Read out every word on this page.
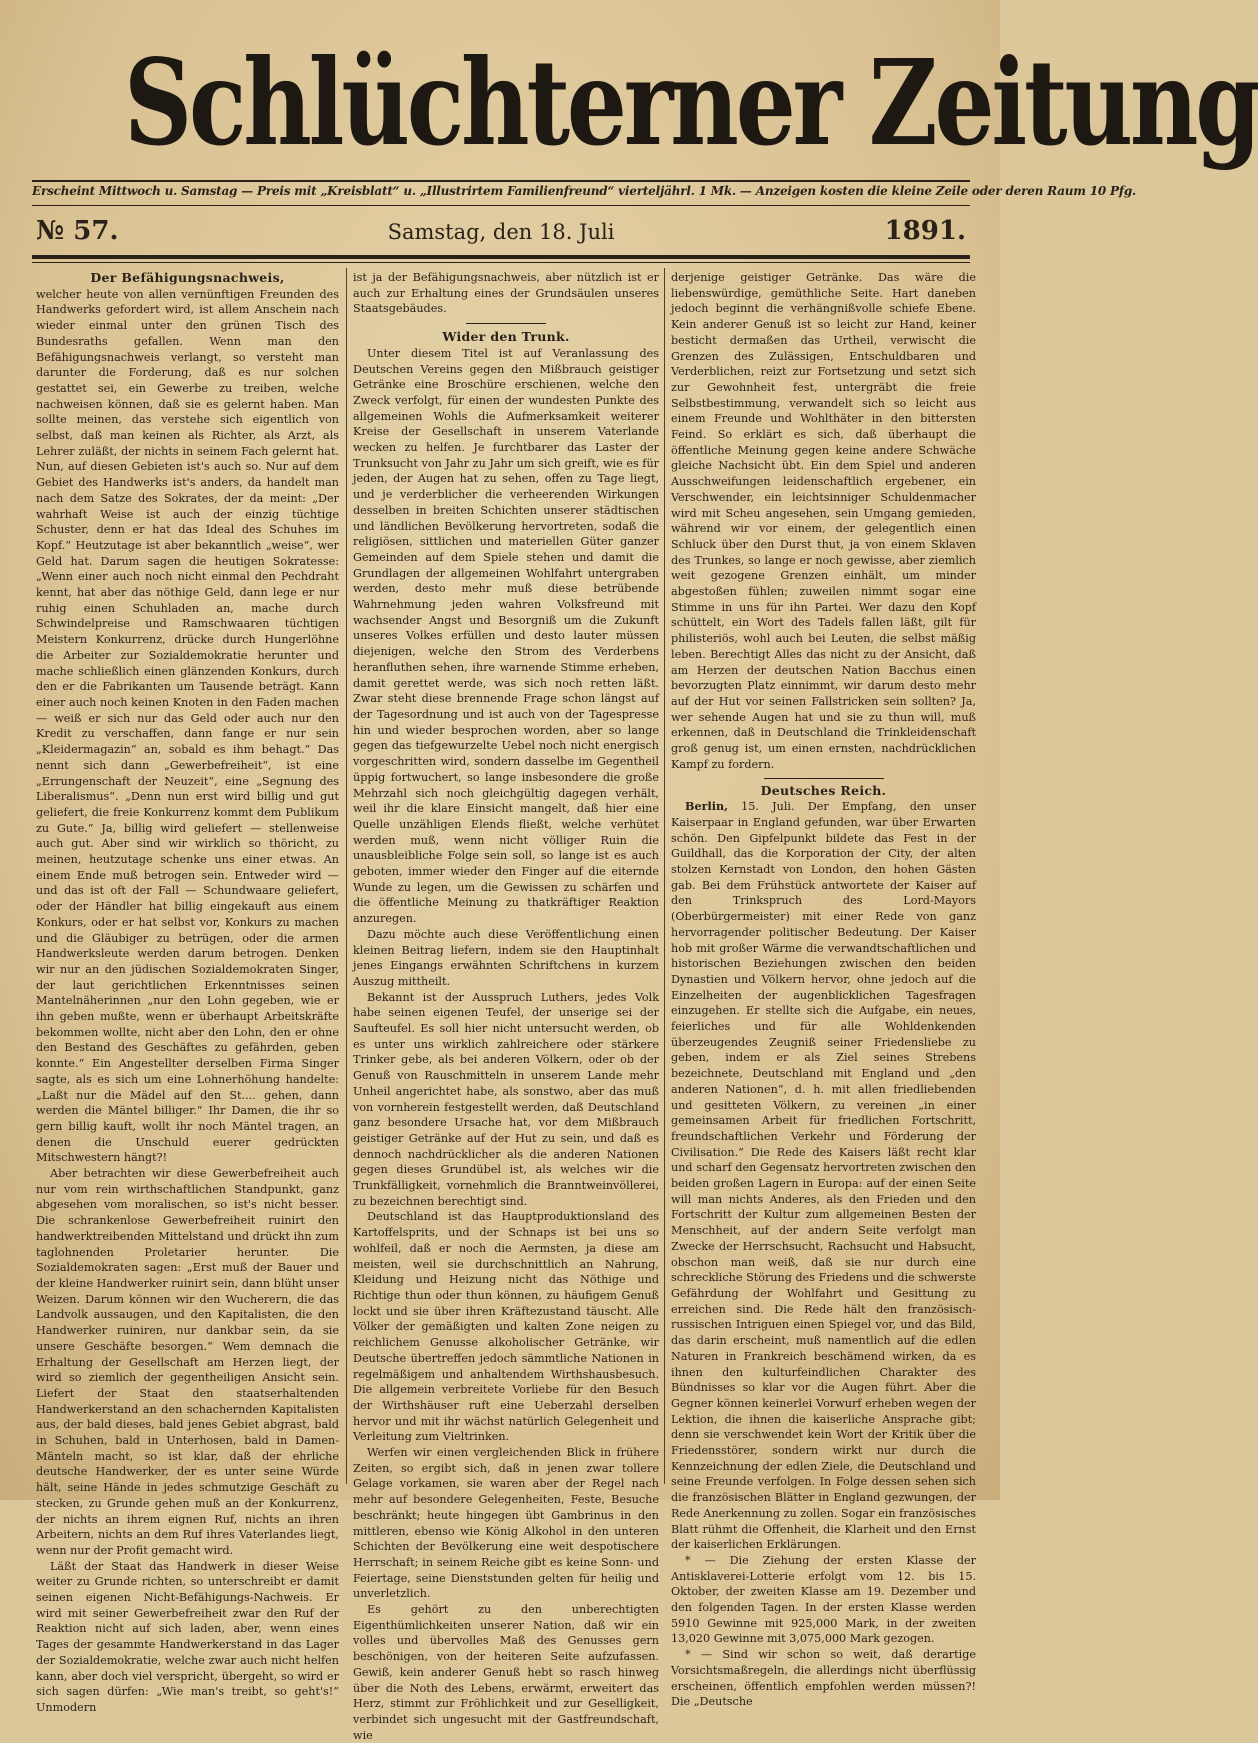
Schlüchterner Zeitung
Erscheint Mittwoch u. Samstag — Preis mit „Kreisblatt“ u. „Illustrirtem Familienfreund“ vierteljährl. 1 Mk. — Anzeigen kosten die kleine Zeile oder deren Raum 10 Pfg.
№ 57.	Samstag, den 18. Juli	1891.
Der Befähigungsnachweis,

welcher heute von allen vernünftigen Freunden des Handwerks gefordert wird, ist allem Anschein nach wieder einmal unter den grünen Tisch des Bundesraths gefallen. Wenn man den Befähigungsnachweis verlangt, so versteht man darunter die Forderung, daß es nur solchen gestattet sei, ein Gewerbe zu treiben, welche nachweisen können, daß sie es gelernt haben. Man sollte meinen, das verstehe sich eigentlich von selbst, daß man keinen als Richter, als Arzt, als Lehrer zuläßt, der nichts in seinem Fach gelernt hat. Nun, auf diesen Gebieten ist's auch so. Nur auf dem Gebiet des Handwerks ist's anders, da handelt man nach dem Satze des Sokrates, der da meint: „Der wahrhaft Weise ist auch der einzig tüchtige Schuster, denn er hat das Ideal des Schuhes im Kopf.“ Heutzutage ist aber bekanntlich „weise“, wer Geld hat. Darum sagen die heutigen Sokratesse: „Wenn einer auch noch nicht einmal den Pechdraht kennt, hat aber das nöthige Geld, dann lege er nur ruhig einen Schuhladen an, mache durch Schwindelpreise und Ramschwaaren tüchtigen Meistern Konkurrenz, drücke durch Hungerlöhne die Arbeiter zur Sozialdemokratie herunter und mache schließlich einen glänzenden Konkurs, durch den er die Fabrikanten um Tausende beträgt. Kann einer auch noch keinen Knoten in den Faden machen — weiß er sich nur das Geld oder auch nur den Kredit zu verschaffen, dann fange er nur sein „Kleidermagazin“ an, sobald es ihm behagt.“ Das nennt sich dann „Gewerbefreiheit“, ist eine „Errungenschaft der Neuzeit“, eine „Segnung des Liberalismus“. „Denn nun erst wird billig und gut geliefert, die freie Konkurrenz kommt dem Publikum zu Gute.“ Ja, billig wird geliefert — stellenweise auch gut. Aber sind wir wirklich so thöricht, zu meinen, heutzutage schenke uns einer etwas. An einem Ende muß betrogen sein. Entweder wird — und das ist oft der Fall — Schundwaare geliefert, oder der Händler hat billig eingekauft aus einem Konkurs, oder er hat selbst vor, Konkurs zu machen und die Gläubiger zu betrügen, oder die armen Handwerksleute werden darum betrogen. Denken wir nur an den jüdischen Sozialdemokraten Singer, der laut gerichtlichen Erkenntnisses seinen Mantelnäherinnen „nur den Lohn gegeben, wie er ihn geben mußte, wenn er überhaupt Arbeitskräfte bekommen wollte, nicht aber den Lohn, den er ohne den Bestand des Geschäftes zu gefährden, geben konnte.“ Ein Angestellter derselben Firma Singer sagte, als es sich um eine Lohnerhöhung handelte: „Laßt nur die Mädel auf den St.... gehen, dann werden die Mäntel billiger.“ Ihr Damen, die ihr so gern billig kauft, wollt ihr noch Mäntel tragen, an denen die Unschuld euerer gedrückten Mitschwestern hängt?!

Aber betrachten wir diese Gewerbefreiheit auch nur vom rein wirthschaftlichen Standpunkt, ganz abgesehen vom moralischen, so ist's nicht besser. Die schrankenlose Gewerbefreiheit ruinirt den handwerktreibenden Mittelstand und drückt ihn zum taglohnenden Proletarier herunter. Die Sozialdemokraten sagen: „Erst muß der Bauer und der kleine Handwerker ruinirt sein, dann blüht unser Weizen. Darum können wir den Wucherern, die das Landvolk aussaugen, und den Kapitalisten, die den Handwerker ruiniren, nur dankbar sein, da sie unsere Geschäfte besorgen.“ Wem demnach die Erhaltung der Gesellschaft am Herzen liegt, der wird so ziemlich der gegentheiligen Ansicht sein. Liefert der Staat den staatserhaltenden Handwerkerstand an den schachernden Kapitalisten aus, der bald dieses, bald jenes Gebiet abgrast, bald in Schuhen, bald in Unterhosen, bald in Damen-Mänteln macht, so ist klar, daß der ehrliche deutsche Handwerker, der es unter seine Würde hält, seine Hände in jedes schmutzige Geschäft zu stecken, zu Grunde gehen muß an der Konkurrenz, der nichts an ihrem eignen Ruf, nichts an ihren Arbeitern, nichts an dem Ruf ihres Vaterlandes liegt, wenn nur der Profit gemacht wird.

Läßt der Staat das Handwerk in dieser Weise weiter zu Grunde richten, so unterschreibt er damit seinen eigenen Nicht-Befähigungs-Nachweis. Er wird mit seiner Gewerbefreiheit zwar den Ruf der Reaktion nicht auf sich laden, aber, wenn eines Tages der gesammte Handwerkerstand in das Lager der Sozialdemokratie, welche zwar auch nicht helfen kann, aber doch viel verspricht, übergeht, so wird er sich sagen dürfen: „Wie man's treibt, so geht's!“ Unmodern

ist ja der Befähigungsnachweis, aber nützlich ist er auch zur Erhaltung eines der Grundsäulen unseres Staatsgebäudes.

Wider den Trunk.

Unter diesem Titel ist auf Veranlassung des Deutschen Vereins gegen den Mißbrauch geistiger Getränke eine Broschüre erschienen, welche den Zweck verfolgt, für einen der wundesten Punkte des allgemeinen Wohls die Aufmerksamkeit weiterer Kreise der Gesellschaft in unserem Vaterlande wecken zu helfen. Je furchtbarer das Laster der Trunksucht von Jahr zu Jahr um sich greift, wie es für jeden, der Augen hat zu sehen, offen zu Tage liegt, und je verderblicher die verheerenden Wirkungen desselben in breiten Schichten unserer städtischen und ländlichen Bevölkerung hervortreten, sodaß die religiösen, sittlichen und materiellen Güter ganzer Gemeinden auf dem Spiele stehen und damit die Grundlagen der allgemeinen Wohlfahrt untergraben werden, desto mehr muß diese betrübende Wahrnehmung jeden wahren Volksfreund mit wachsender Angst und Besorgniß um die Zukunft unseres Volkes erfüllen und desto lauter müssen diejenigen, welche den Strom des Verderbens heranfluthen sehen, ihre warnende Stimme erheben, damit gerettet werde, was sich noch retten läßt. Zwar steht diese brennende Frage schon längst auf der Tagesordnung und ist auch von der Tagespresse hin und wieder besprochen worden, aber so lange gegen das tiefgewurzelte Uebel noch nicht energisch vorgeschritten wird, sondern dasselbe im Gegentheil üppig fortwuchert, so lange insbesondere die große Mehrzahl sich noch gleichgültig dagegen verhält, weil ihr die klare Einsicht mangelt, daß hier eine Quelle unzähligen Elends fließt, welche verhütet werden muß, wenn nicht völliger Ruin die unausbleibliche Folge sein soll, so lange ist es auch geboten, immer wieder den Finger auf die eiternde Wunde zu legen, um die Gewissen zu schärfen und die öffentliche Meinung zu thatkräftiger Reaktion anzuregen.

Dazu möchte auch diese Veröffentlichung einen kleinen Beitrag liefern, indem sie den Hauptinhalt jenes Eingangs erwähnten Schriftchens in kurzem Auszug mittheilt.

Bekannt ist der Ausspruch Luthers, jedes Volk habe seinen eigenen Teufel, der unserige sei der Saufteufel. Es soll hier nicht untersucht werden, ob es unter uns wirklich zahlreichere oder stärkere Trinker gebe, als bei anderen Völkern, oder ob der Genuß von Rauschmitteln in unserem Lande mehr Unheil angerichtet habe, als sonstwo, aber das muß von vornherein festgestellt werden, daß Deutschland ganz besondere Ursache hat, vor dem Mißbrauch geistiger Getränke auf der Hut zu sein, und daß es dennoch nachdrücklicher als die anderen Nationen gegen dieses Grundübel ist, als welches wir die Trunkfälligkeit, vornehmlich die Branntweinvöllerei, zu bezeichnen berechtigt sind.

Deutschland ist das Hauptproduktionsland des Kartoffelsprits, und der Schnaps ist bei uns so wohlfeil, daß er noch die Aermsten, ja diese am meisten, weil sie durchschnittlich an Nahrung, Kleidung und Heizung nicht das Nöthige und Richtige thun oder thun können, zu häufigem Genuß lockt und sie über ihren Kräftezustand täuscht. Alle Völker der gemäßigten und kalten Zone neigen zu reichlichem Genusse alkoholischer Getränke, wir Deutsche übertreffen jedoch sämmtliche Nationen in regelmäßigem und anhaltendem Wirthshausbesuch. Die allgemein verbreitete Vorliebe für den Besuch der Wirthshäuser ruft eine Ueberzahl derselben hervor und mit ihr wächst natürlich Gelegenheit und Verleitung zum Vieltrinken.

Werfen wir einen vergleichenden Blick in frühere Zeiten, so ergibt sich, daß in jenen zwar tollere Gelage vorkamen, sie waren aber der Regel nach mehr auf besondere Gelegenheiten, Feste, Besuche beschränkt; heute hingegen übt Gambrinus in den mittleren, ebenso wie König Alkohol in den unteren Schichten der Bevölkerung eine weit despotischere Herrschaft; in seinem Reiche gibt es keine Sonn- und Feiertage, seine Dienststunden gelten für heilig und unverletzlich.

Es gehört zu den unberechtigten Eigenthümlichkeiten unserer Nation, daß wir ein volles und übervolles Maß des Genusses gern beschönigen, von der heiteren Seite aufzufassen. Gewiß, kein anderer Genuß hebt so rasch hinweg über die Noth des Lebens, erwärmt, erweitert das Herz, stimmt zur Fröhlichkeit und zur Geselligkeit, verbindet sich ungesucht mit der Gastfreundschaft, wie

derjenige geistiger Getränke. Das wäre die liebenswürdige, gemüthliche Seite. Hart daneben jedoch beginnt die verhängnißvolle schiefe Ebene. Kein anderer Genuß ist so leicht zur Hand, keiner besticht dermaßen das Urtheil, verwischt die Grenzen des Zulässigen, Entschuldbaren und Verderblichen, reizt zur Fortsetzung und setzt sich zur Gewohnheit fest, untergräbt die freie Selbstbestimmung, verwandelt sich so leicht aus einem Freunde und Wohlthäter in den bittersten Feind. So erklärt es sich, daß überhaupt die öffentliche Meinung gegen keine andere Schwäche gleiche Nachsicht übt. Ein dem Spiel und anderen Ausschweifungen leidenschaftlich ergebener, ein Verschwender, ein leichtsinniger Schuldenmacher wird mit Scheu angesehen, sein Umgang gemieden, während wir vor einem, der gelegentlich einen Schluck über den Durst thut, ja von einem Sklaven des Trunkes, so lange er noch gewisse, aber ziemlich weit gezogene Grenzen einhält, um minder abgestoßen fühlen; zuweilen nimmt sogar eine Stimme in uns für ihn Partei. Wer dazu den Kopf schüttelt, ein Wort des Tadels fallen läßt, gilt für philisteriös, wohl auch bei Leuten, die selbst mäßig leben. Berechtigt Alles das nicht zu der Ansicht, daß am Herzen der deutschen Nation Bacchus einen bevorzugten Platz einnimmt, wir darum desto mehr auf der Hut vor seinen Fallstricken sein sollten? Ja, wer sehende Augen hat und sie zu thun will, muß erkennen, daß in Deutschland die Trinkleidenschaft groß genug ist, um einen ernsten, nachdrücklichen Kampf zu fordern.

Deutsches Reich.

Berlin, 15. Juli. Der Empfang, den unser Kaiserpaar in England gefunden, war über Erwarten schön. Den Gipfelpunkt bildete das Fest in der Guildhall, das die Korporation der City, der alten stolzen Kernstadt von London, den hohen Gästen gab. Bei dem Frühstück antwortete der Kaiser auf den Trinkspruch des Lord-Mayors (Oberbürgermeister) mit einer Rede von ganz hervorragender politischer Bedeutung. Der Kaiser hob mit großer Wärme die verwandtschaftlichen und historischen Beziehungen zwischen den beiden Dynastien und Völkern hervor, ohne jedoch auf die Einzelheiten der augenblicklichen Tagesfragen einzugehen. Er stellte sich die Aufgabe, ein neues, feierliches und für alle Wohldenkenden überzeugendes Zeugniß seiner Friedensliebe zu geben, indem er als Ziel seines Strebens bezeichnete, Deutschland mit England und „den anderen Nationen“, d. h. mit allen friedliebenden und gesitteten Völkern, zu vereinen „in einer gemeinsamen Arbeit für friedlichen Fortschritt, freundschaftlichen Verkehr und Förderung der Civilisation.“ Die Rede des Kaisers läßt recht klar und scharf den Gegensatz hervortreten zwischen den beiden großen Lagern in Europa: auf der einen Seite will man nichts Anderes, als den Frieden und den Fortschritt der Kultur zum allgemeinen Besten der Menschheit, auf der andern Seite verfolgt man Zwecke der Herrschsucht, Rachsucht und Habsucht, obschon man weiß, daß sie nur durch eine schreckliche Störung des Friedens und die schwerste Gefährdung der Wohlfahrt und Gesittung zu erreichen sind. Die Rede hält den französisch-russischen Intriguen einen Spiegel vor, und das Bild, das darin erscheint, muß namentlich auf die edlen Naturen in Frankreich beschämend wirken, da es ihnen den kulturfeindlichen Charakter des Bündnisses so klar vor die Augen führt. Aber die Gegner können keinerlei Vorwurf erheben wegen der Lektion, die ihnen die kaiserliche Ansprache gibt; denn sie verschwendet kein Wort der Kritik über die Friedensstörer, sondern wirkt nur durch die Kennzeichnung der edlen Ziele, die Deutschland und seine Freunde verfolgen. In Folge dessen sehen sich die französischen Blätter in England gezwungen, der Rede Anerkennung zu zollen. Sogar ein französisches Blatt rühmt die Offenheit, die Klarheit und den Ernst der kaiserlichen Erklärungen.

* — Die Ziehung der ersten Klasse der Antisklaverei-Lotterie erfolgt vom 12. bis 15. Oktober, der zweiten Klasse am 19. Dezember und den folgenden Tagen. In der ersten Klasse werden 5910 Gewinne mit 925,000 Mark, in der zweiten 13,020 Gewinne mit 3,075,000 Mark gezogen.

* — Sind wir schon so weit, daß derartige Vorsichtsmaßregeln, die allerdings nicht überflüssig erscheinen, öffentlich empfohlen werden müssen?! Die „Deutsche
